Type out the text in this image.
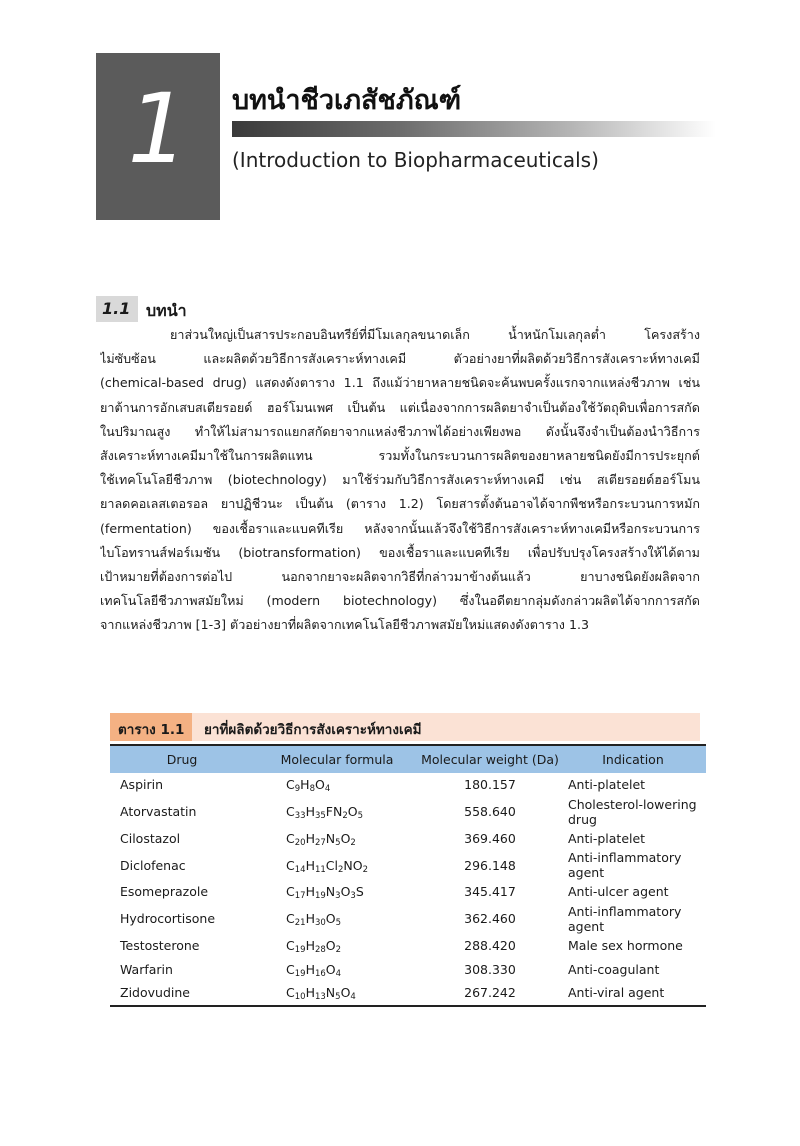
1	บทนำชีวเภสัชภัณฑ์
(Introduction to Biopharmaceuticals)
1.1 บทนำ
ยาส่วนใหญ่เป็นสารประกอบอินทรีย์ที่มีโมเลกุลขนาดเล็ก น้ำหนักโมเลกุลต่ำ โครงสร้าง
ไม่ซับซ้อน และผลิตด้วยวิธีการสังเคราะห์ทางเคมี ตัวอย่างยาที่ผลิตด้วยวิธีการสังเคราะห์ทางเคมี
(chemical-based drug) แสดงดังตาราง 1.1 ถึงแม้ว่ายาหลายชนิดจะค้นพบครั้งแรกจากแหล่งชีวภาพ เช่น
ยาต้านการอักเสบสเตียรอยด์ ฮอร์โมนเพศ เป็นต้น แต่เนื่องจากการผลิตยาจำเป็นต้องใช้วัตถุดิบเพื่อการสกัด
ในปริมาณสูง ทำให้ไม่สามารถแยกสกัดยาจากแหล่งชีวภาพได้อย่างเพียงพอ ดังนั้นจึงจำเป็นต้องนำวิธีการ
สังเคราะห์ทางเคมีมาใช้ในการผลิตแทน รวมทั้งในกระบวนการผลิตของยาหลายชนิดยังมีการประยุกต์
ใช้เทคโนโลยีชีวภาพ (biotechnology) มาใช้ร่วมกับวิธีการสังเคราะห์ทางเคมี เช่น สเตียรอยด์ฮอร์โมน
ยาลดคอเลสเตอรอล ยาปฏิชีวนะ เป็นต้น (ตาราง 1.2) โดยสารตั้งต้นอาจได้จากพืชหรือกระบวนการหมัก
(fermentation) ของเชื้อราและแบคทีเรีย หลังจากนั้นแล้วจึงใช้วิธีการสังเคราะห์ทางเคมีหรือกระบวนการ
ไบโอทรานส์ฟอร์เมชัน (biotransformation) ของเชื้อราและแบคทีเรีย เพื่อปรับปรุงโครงสร้างให้ได้ตาม
เป้าหมายที่ต้องการต่อไป นอกจากยาจะผลิตจากวิธีที่กล่าวมาข้างต้นแล้ว ยาบางชนิดยังผลิตจาก
เทคโนโลยีชีวภาพสมัยใหม่ (modern biotechnology) ซึ่งในอดีตยากลุ่มดังกล่าวผลิตได้จากการสกัด
จากแหล่งชีวภาพ [1-3] ตัวอย่างยาที่ผลิตจากเทคโนโลยีชีวภาพสมัยใหม่แสดงดังตาราง 1.3
ตาราง 1.1 ยาที่ผลิตด้วยวิธีการสังเคราะห์ทางเคมี
Drug	Molecular formula	Molecular weight (Da)	Indication
Aspirin	$C_9H_8O_4$	180.157	Anti-platelet
Atorvastatin	$C_{33}H_{35}FN_2O_5$	558.640	Cholesterol-lowering drug
Cilostazol	$C_{20}H_{27}N_5O_2$	369.460	Anti-platelet
Diclofenac	$C_{14}H_{11}Cl_2NO_2$	296.148	Anti-inflammatory agent
Esomeprazole	$C_{17}H_{19}N_3O_3S$	345.417	Anti-ulcer agent
Hydrocortisone	$C_{21}H_{30}O_5$	362.460	Anti-inflammatory agent
Testosterone	$C_{19}H_{28}O_2$	288.420	Male sex hormone
Warfarin	$C_{19}H_{16}O_4$	308.330	Anti-coagulant
Zidovudine	$C_{10}H_{13}N_5O_4$	267.242	Anti-viral agent
